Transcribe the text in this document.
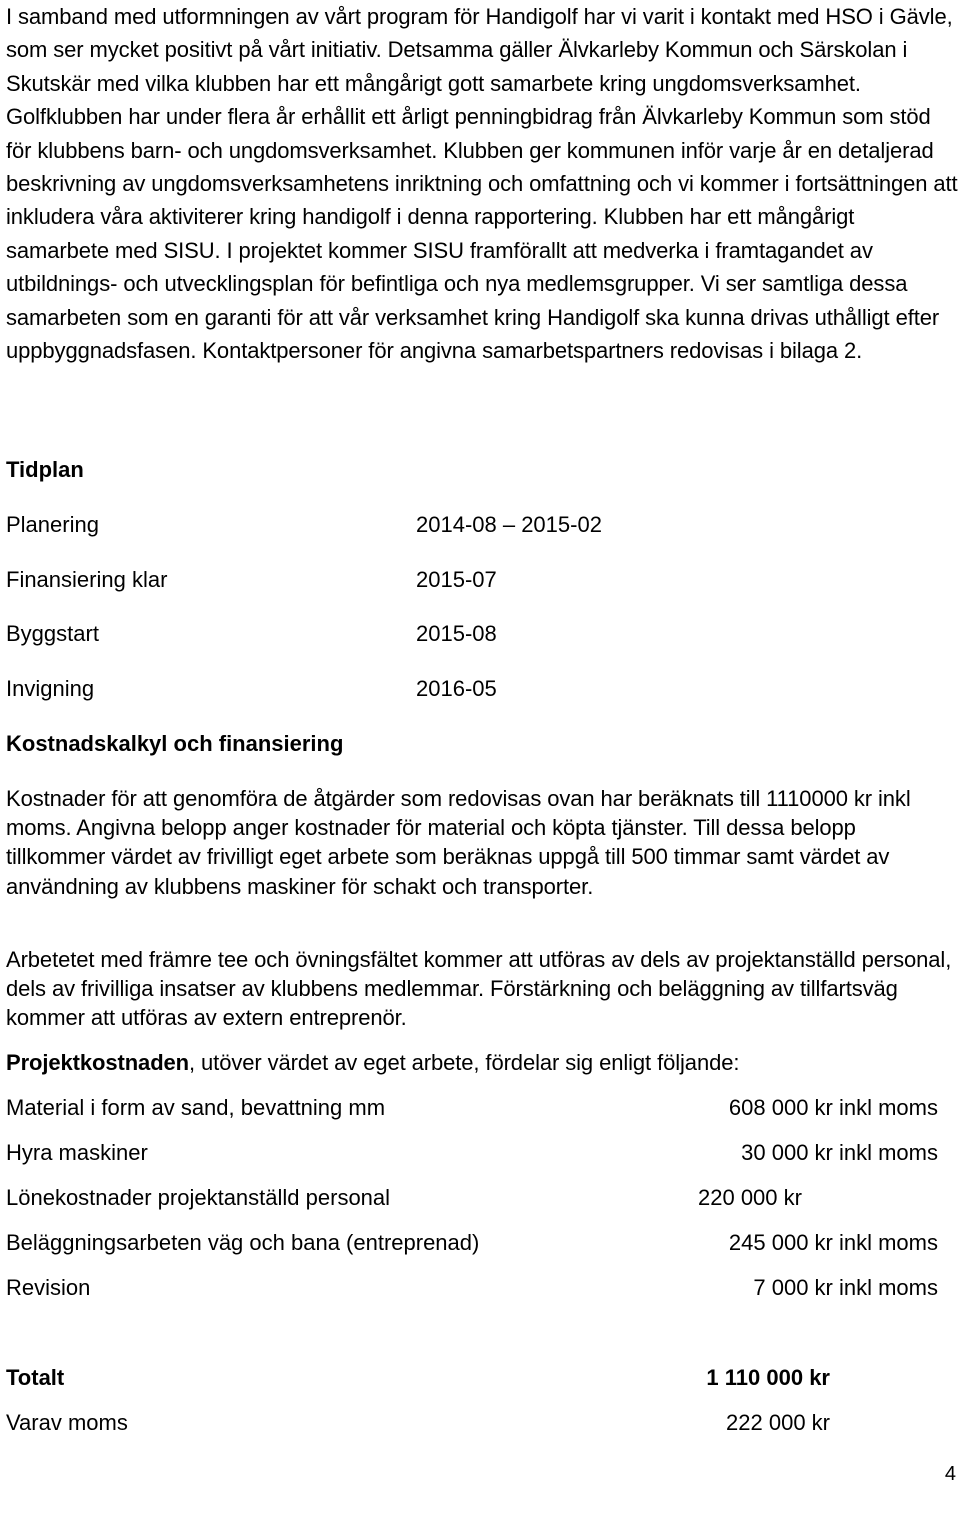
I samband med utformningen av vårt program för Handigolf har vi varit i kontakt med HSO i Gävle, som ser mycket positivt på vårt initiativ. Detsamma gäller Älvkarleby Kommun och Särskolan i Skutskär med vilka klubben har ett mångårigt gott samarbete kring ungdomsverksamhet. Golfklubben har under flera år erhållit ett årligt penningbidrag från Älvkarleby Kommun som stöd för klubbens barn- och ungdomsverksamhet. Klubben ger kommunen inför varje år en detaljerad beskrivning av ungdomsverksamhetens inriktning och omfattning och vi kommer i fortsättningen att inkludera våra aktiviterer kring handigolf i denna rapportering. Klubben har ett mångårigt samarbete med SISU. I projektet kommer SISU framförallt att medverka i framtagandet av utbildnings- och utvecklingsplan för befintliga och nya medlemsgrupper. Vi ser samtliga dessa samarbeten som en garanti för att vår verksamhet kring Handigolf ska kunna drivas uthålligt efter uppbyggnadsfasen. Kontaktpersoner för angivna samarbetspartners redovisas i bilaga 2.

Tidplan
Planering	2014-08 – 2015-02
Finansiering klar	2015-07
Byggstart	2015-08
Invigning	2016-05
Kostnadskalkyl och finansiering

Kostnader för att genomföra de åtgärder som redovisas ovan har beräknats till 1110000 kr inkl moms. Angivna belopp anger kostnader för material och köpta tjänster. Till dessa belopp tillkommer värdet av frivilligt eget arbete som beräknas uppgå till 500 timmar samt värdet av användning av klubbens maskiner för schakt och transporter.

Arbetetet med främre tee och övningsfältet kommer att utföras av dels av projektanställd personal, dels av frivilliga insatser av klubbens medlemmar. Förstärkning och beläggning av tillfartsväg kommer att utföras av extern entreprenör.

Projektkostnaden, utöver värdet av eget arbete, fördelar sig enligt följande:

Material i form av sand, bevattning mm	608 000 kr inkl moms
Hyra maskiner	30 000 kr inkl moms
Lönekostnader projektanställd personal	220 000 kr
Beläggningsarbeten väg och bana (entreprenad)	245 000 kr inkl moms
Revision	7 000 kr inkl moms
Totalt	1 110 000 kr
Varav moms	222 000 kr
4
